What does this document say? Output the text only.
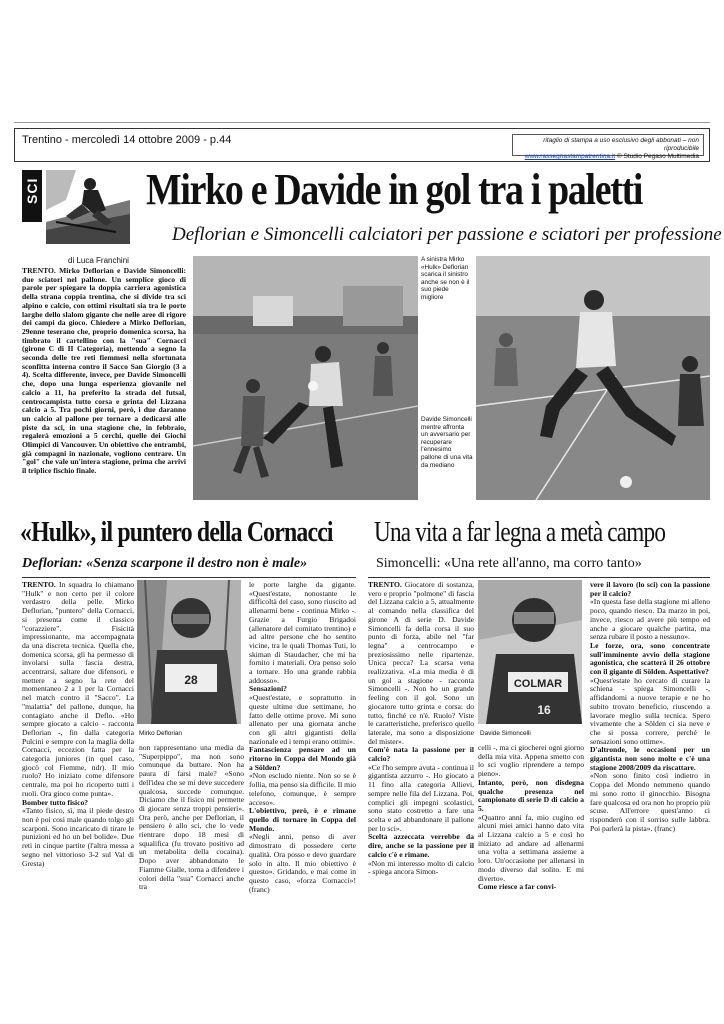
Trentino - mercoledì 14 ottobre 2009 - p.44	ritaglio di stampa a uso esclusivo degli abbonati – non riproducibile
www.rassegnastampatrentina.it © Studio Pegaso Multimedia
SCI Mirko e Davide in gol tra i paletti
Deflorian e Simoncelli calciatori per passione e sciatori per professione
di Luca Franchini
TRENTO. Mirko Deflorian e Davide Simoncelli: due sciatori nel pallone. Un semplice gioco di parole per spiegare la doppia carriera agonistica della strana coppia trentina, che si divide tra sci alpino e calcio, con ottimi risultati sia tra le porte larghe dello slalom gigante che nelle aree di rigore dei campi da gioco. Chiedere a Mirko Deflorian, 29enne teserano che, proprio domenica scorsa, ha timbrato il cartellino con la "sua" Cornacci (girone C di II Categoria), mettendo a segno la seconda delle tre reti fiemmesi nella sfortunata sconfitta interna contro il Sacco San Giorgio (3 a 4). Scelta differente, invece, per Davide Simoncelli che, dopo una lunga esperienza giovanile nel calcio a 11, ha preferito la strada del futsal, centrocampista tutto corsa e grinta del Lizzana calcio a 5. Tra pochi giorni, però, i due daranno un calcio al pallone per tornare a dedicarsi alle piste da sci, in una stagione che, in febbraio, regalerà emozioni a 5 cerchi, quelle dei Giochi Olimpici di Vancouver. Un obiettivo che entrambi, già compagni in nazionale, vogliono centrare. Un "gol" che vale un'intera stagione, prima che arrivi il triplice fischio finale.
A sinistra Mirko «Hulk» Deflorian scarica il sinistro anche se non è il suo piede migliore
Davide Simoncelli mentre affronta un avversario per recuperare l'ennesimo pallone di una vita da mediano
«Hulk», il puntero della Cornacci
Deflorian: «Senza scarpone il destro non è male»
TRENTO. In squadra lo chiamano "Hulk" e non certo per il colore verdastro della pelle. Mirko Deflorian, "puntero" della Cornacci, si presenta come il classico "corazziere". Fisicità impressionante, ma accompagnata da una discreta tecnica. Quella che, domenica scorsa, gli ha permesso di involarsi sulla fascia destra, accentrarsi, saltare due difensori, e mettere a segno la rete del momentaneo 2 a 1 per la Cornacci nel match contro il "Sacco". La "malattia" del pallone, dunque, ha contagiato anche il Deflo. «Ho sempre giocato a calcio - racconta Deflorian -, fin dalla categoria Pulcini e sempre con la maglia della Cornacci, eccezion fatta per la categoria juniores (in quel caso, giocò col Fiemme, ndr). Il mio ruolo? Ho iniziato come difensore centrale, ma poi ho ricoperto tutti i ruoli. Ora gioco come punta».
Bomber tutto fisico?
«Tanto fisico, sì, ma il piede destro non è poi così male quando tolgo gli scarponi. Sono incaricato di tirare le punizioni ed ho un bel bolide». Due reti in cinque partite (l'altra messa a segno nel vittorioso 3-2 sul Val di Gresta)
28
Mirko Deflorian
non rappresentano una media da "Superpippo", ma non sono comunque da buttare. Non ha paura di farsi male? «Sono dell'idea che se mi deve succedere qualcosa, succede comunque. Diciamo che il fisico mi permette di giocare senza troppi pensieri». Ora però, anche per Deflorian, il pensiero è allo sci, che lo vede rientrare dopo 18 mesi di squalifica (fu trovato positivo ad un metabolita della cocaina). Dopo aver abbandonato le Fiamme Gialle, torna a difendere i colori della "sua" Cornacci anche tra
le porte larghe da gigante. «Quest'estate, nonostante le difficoltà del caso, sono riuscito ad allenarmi bene - continua Mirko -. Grazie a Furgio Brigadoi (allenatore del comitato trentino) e ad altre persone che ho sentito vicine, tra le quali Thomas Tuti, lo skiman di Staudacher, che mi ha fornito i materiali. Ora penso solo a tornare. Ho una grande rabbia addosso».
Sensazioni?
«Quest'estate, e soprattutto in queste ultime due settimane, ho fatto delle ottime prove. Mi sono allenato per una giornata anche con gli altri gigantisti della nazionale ed i tempi erano ottimi».
Fantascienza pensare ad un ritorno in Coppa del Mondo già a Sölden?
«Non escludo niente. Non so se è follia, ma penso sia difficile. Il mio telefono, comunque, è sempre acceso».
L'obiettivo, però, è e rimane quello di tornare in Coppa del Mondo.
«Negli anni, penso di aver dimostrato di possedere certe qualità. Ora posso e devo guardare solo in alto. Il mio obiettivo è questo». Gridando, e mai come in questo caso, «forza Cornacci»! (franc)
Una vita a far legna a metà campo
Simoncelli: «Una rete all'anno, ma corro tanto»
TRENTO. Giocatore di sostanza, vero e proprio "polmone" di fascia del Lizzana calcio a 5, attualmente al comando nella classifica del girone A di serie D. Davide Simoncelli fa della corsa il suo punto di forza, abile nel "far legna" a centrocampo e preziosissimo nelle ripartenze. Unica pecca? La scarsa vena realizzativa. «La mia media è di un gol a stagione - racconta Simoncelli -. Non ho un grande feeling con il gol. Sono un giocatore tutto grinta e corsa: do tutto, finché ce n'è. Ruolo? Viste le caratteristiche, preferisco quello laterale, ma sono a disposizione del mister».
Com'è nata la passione per il calcio?
«Ce l'ho sempre avuta - continua il gigantista azzurro -. Ho giocato a 11 fino alla categoria Allievi, sempre nelle fila del Lizzana. Poi, complici gli impegni scolastici, sono stato costretto a fare una scelta e ad abbandonare il pallone per lo sci».
Scelta azzeccata verrebbe da dire, anche se la passione per il calcio c'è e rimane.
«Non mi interesso molto di calcio - spiega ancora Simon-
COLMAR
16
Davide Simoncelli
celli -, ma ci giocherei ogni giorno della mia vita. Appena smetto con lo sci voglio riprendere a tempo pieno».
Intanto, però, non disdegna qualche presenza nel campionato di serie D di calcio a 5.
«Quattro anni fa, mio cugino ed alcuni miei amici hanno dato vita al Lizzana calcio a 5 e così ho iniziato ad andare ad allenarmi una volta a settimana assieme a loro. Un'occasione per allenarsi in modo diverso dal solito. E mi diverto».
Come riesce a far convi-
vere il lavoro (lo sci) con la passione per il calcio?
«In questa fase della stagione mi alleno poco, quando riesco. Da marzo in poi, invece, riesco ad avere più tempo ed anche a giocare qualche partita, ma senza rubare il posto a nessuno».
Le forze, ora, sono concentrate sull'imminente avvio della stagione agonistica, che scatterà il 26 ottobre con il gigante di Sölden. Aspettative?
«Quest'estate ho cercato di curare la schiena - spiega Simoncelli -, affidandomi a nuove terapie e ne ho subito trovato beneficio, riuscendo a lavorare meglio sulla tecnica. Spero vivamente che a Sölden ci sia neve e che si possa correre, perché le sensazioni sono ottime».
D'altronde, le occasioni per un gigantista non sono molte e c'è una stagione 2008/2009 da riscattare.
«Non sono finito così indietro in Coppa del Mondo nemmeno quando mi sono rotto il ginocchio. Bisogna fare qualcosa ed ora non ho proprio più scuse. All'errore quest'anno ci risponderò con il sorriso sulle labbra. Poi parlerà la pista». (franc)
